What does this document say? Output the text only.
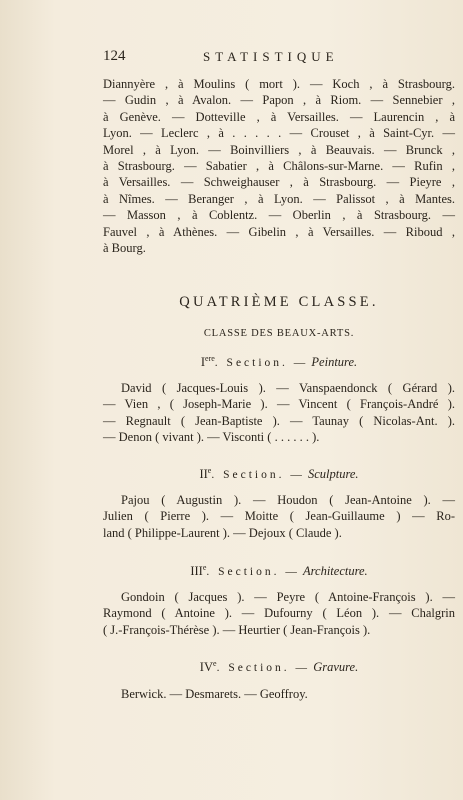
124	STATISTIQUE
Diannyère , à Moulins ( mort ). — Koch , à Strasbourg.
— Gudin , à Avalon. — Papon , à Riom. — Sennebier ,
à Genève. — Dotteville , à Versailles. — Laurencin , à
Lyon. — Leclerc , à . . . . . — Crouset , à Saint-Cyr. —
Morel , à Lyon. — Boinvilliers , à Beauvais. — Brunck ,
à Strasbourg. — Sabatier , à Châlons-sur-Marne. — Rufin ,
à Versailles. — Schweighauser , à Strasbourg. — Pieyre ,
à Nîmes. — Beranger , à Lyon. — Palissot , à Mantes.
— Masson , à Coblentz. — Oberlin , à Strasbourg. —
Fauvel , à Athènes. — Gibelin , à Versailles. — Riboud ,
à Bourg.
QUATRIÈME CLASSE.
CLASSE DES BEAUX-ARTS.
Iere. Section. — Peinture.
David ( Jacques-Louis ). — Vanspaendonck ( Gérard ).
— Vien , ( Joseph-Marie ). — Vincent ( François-André ).
— Regnault ( Jean-Baptiste ). — Taunay ( Nicolas-Ant. ).
— Denon ( vivant ). — Visconti ( . . . . . . ).
IIe. Section. — Sculpture.
Pajou ( Augustin ). — Houdon ( Jean-Antoine ). —
Julien ( Pierre ). — Moitte ( Jean-Guillaume ) — Ro-
land ( Philippe-Laurent ). — Dejoux ( Claude ).
IIIe. Section. — Architecture.
Gondoin ( Jacques ). — Peyre ( Antoine-François ). —
Raymond ( Antoine ). — Dufourny ( Léon ). — Chalgrin
( J.-François-Thérèse ). — Heurtier ( Jean-François ).
IVe. Section. — Gravure.
Berwick. — Desmarets. — Geoffroy.
